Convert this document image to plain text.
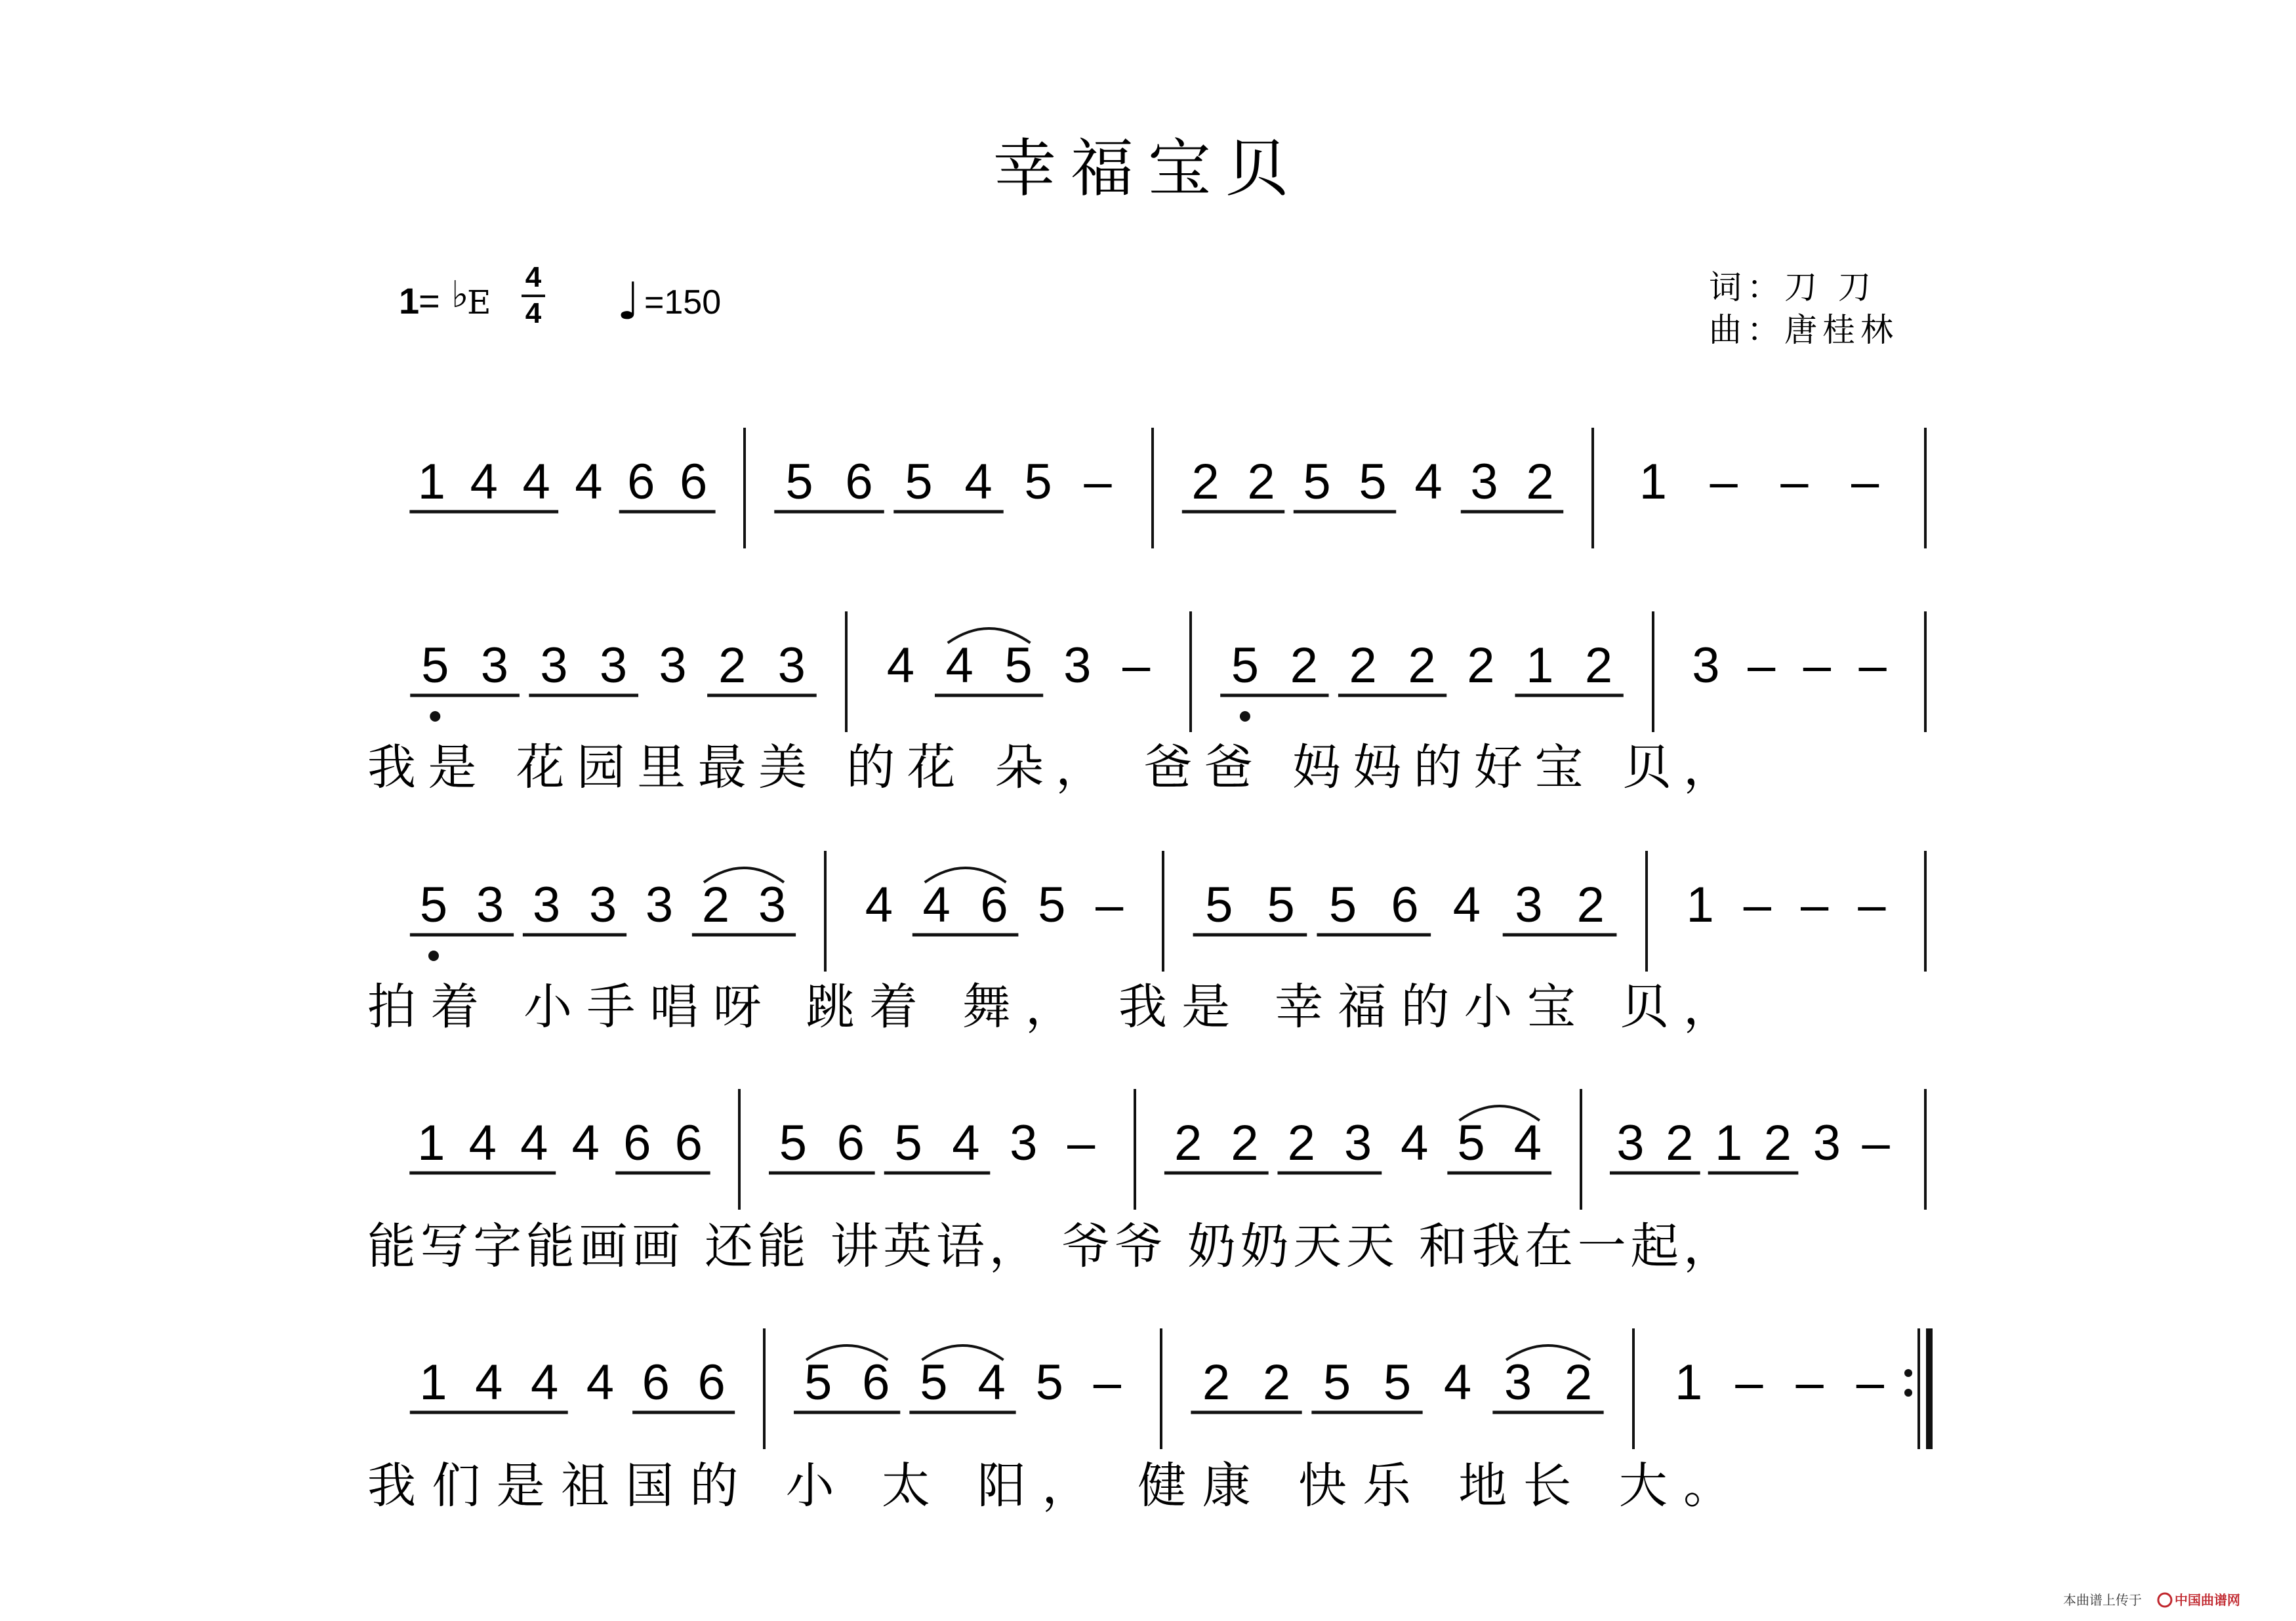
幸福宝贝
1
= ♭
E
4
4 ♩ =150	词： 刀 刀
曲： 唐桂林
1 4 4 4 6 6 5 6 5 4 5 – 2 2 5 5 4 3 2 1 – – –
5 3 3 3 3 2 3 4 4 5 3 – 5 2 2 2 2 1 2 3 – – –
我是 花园里最美 的花 朵， 爸爸 妈妈的好宝 贝，
5 3 3 3 3 2 3 4 4 6 5 – 5 5 5 6 4 3 2 1 – – –
拍着 小手唱呀 跳着 舞， 我是 幸福的小宝 贝，
1 4 4 4 6 6 5 6 5 4 3 – 2 2 2 3 4 5 4 3 2 1 2 3 –
能写字能画画 还能 讲英语， 爷爷 奶奶天天 和我在一起，
1 4 4 4 6 6 5 6 5 4 5 – 2 2 5 5 4 3 2 1 – – –
我们是祖国的 小 太 阳， 健康 快乐 地长 大。
本曲谱上传于	中国曲谱网
